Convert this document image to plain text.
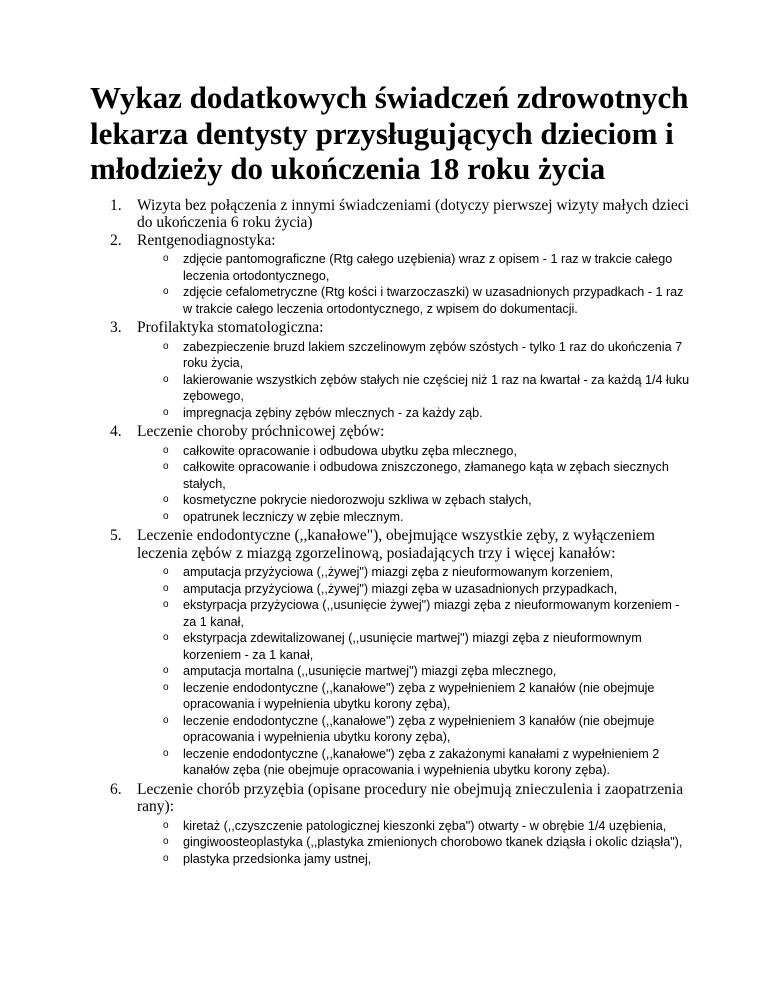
Wykaz dodatkowych świadczeń zdrowotnych lekarza dentysty przysługujących dzieciom i młodzieży do ukończenia 18 roku życia
1. Wizyta bez połączenia z innymi świadczeniami (dotyczy pierwszej wizyty małych dzieci do ukończenia 6 roku życia)
2. Rentgenodiagnostyka:
o zdjęcie pantomograficzne (Rtg całego uzębienia) wraz z opisem - 1 raz w trakcie całego leczenia ortodontycznego,
o zdjęcie cefalometryczne (Rtg kości i twarzoczaszki) w uzasadnionych przypadkach - 1 raz w trakcie całego leczenia ortodontycznego, z wpisem do dokumentacji.
3. Profilaktyka stomatologiczna:
o zabezpieczenie bruzd lakiem szczelinowym zębów szóstych - tylko 1 raz do ukończenia 7 roku życia,
o lakierowanie wszystkich zębów stałych nie częściej niż 1 raz na kwartał - za każdą 1/4 łuku zębowego,
o impregnacja zębiny zębów mlecznych - za każdy ząb.
4. Leczenie choroby próchnicowej zębów:
o całkowite opracowanie i odbudowa ubytku zęba mlecznego,
o całkowite opracowanie i odbudowa zniszczonego, złamanego kąta w zębach siecznych stałych,
o kosmetyczne pokrycie niedorozwoju szkliwa w zębach stałych,
o opatrunek leczniczy w zębie mlecznym.
5. Leczenie endodontyczne (,,kanałowe"), obejmujące wszystkie zęby, z wyłączeniem leczenia zębów z miazgą zgorzelinową, posiadających trzy i więcej kanałów:
o amputacja przyżyciowa (,,żywej") miazgi zęba z nieuformowanym korzeniem,
o amputacja przyżyciowa (,,żywej") miazgi zęba w uzasadnionych przypadkach,
o ekstyrpacja przyżyciowa (,,usunięcie żywej") miazgi zęba z nieuformowanym korzeniem - za 1 kanał,
o ekstyrpacja zdewitalizowanej (,,usunięcie martwej") miazgi zęba z nieuformownym korzeniem - za 1 kanał,
o amputacja mortalna (,,usunięcie martwej") miazgi zęba mlecznego,
o leczenie endodontyczne (,,kanałowe") zęba z wypełnieniem 2 kanałów (nie obejmuje opracowania i wypełnienia ubytku korony zęba),
o leczenie endodontyczne (,,kanałowe") zęba z wypełnieniem 3 kanałów (nie obejmuje opracowania i wypełnienia ubytku korony zęba),
o leczenie endodontyczne (,,kanałowe") zęba z zakażonymi kanałami z wypełnieniem 2 kanałów zęba (nie obejmuje opracowania i wypełnienia ubytku korony zęba).
6. Leczenie chorób przyzębia (opisane procedury nie obejmują znieczulenia i zaopatrzenia rany):
o kiretaż (,,czyszczenie patologicznej kieszonki zęba") otwarty - w obrębie 1/4 uzębienia,
o gingiwoosteoplastyka (,,plastyka zmienionych chorobowo tkanek dziąsła i okolic dziąsła"),
o plastyka przedsionka jamy ustnej,
